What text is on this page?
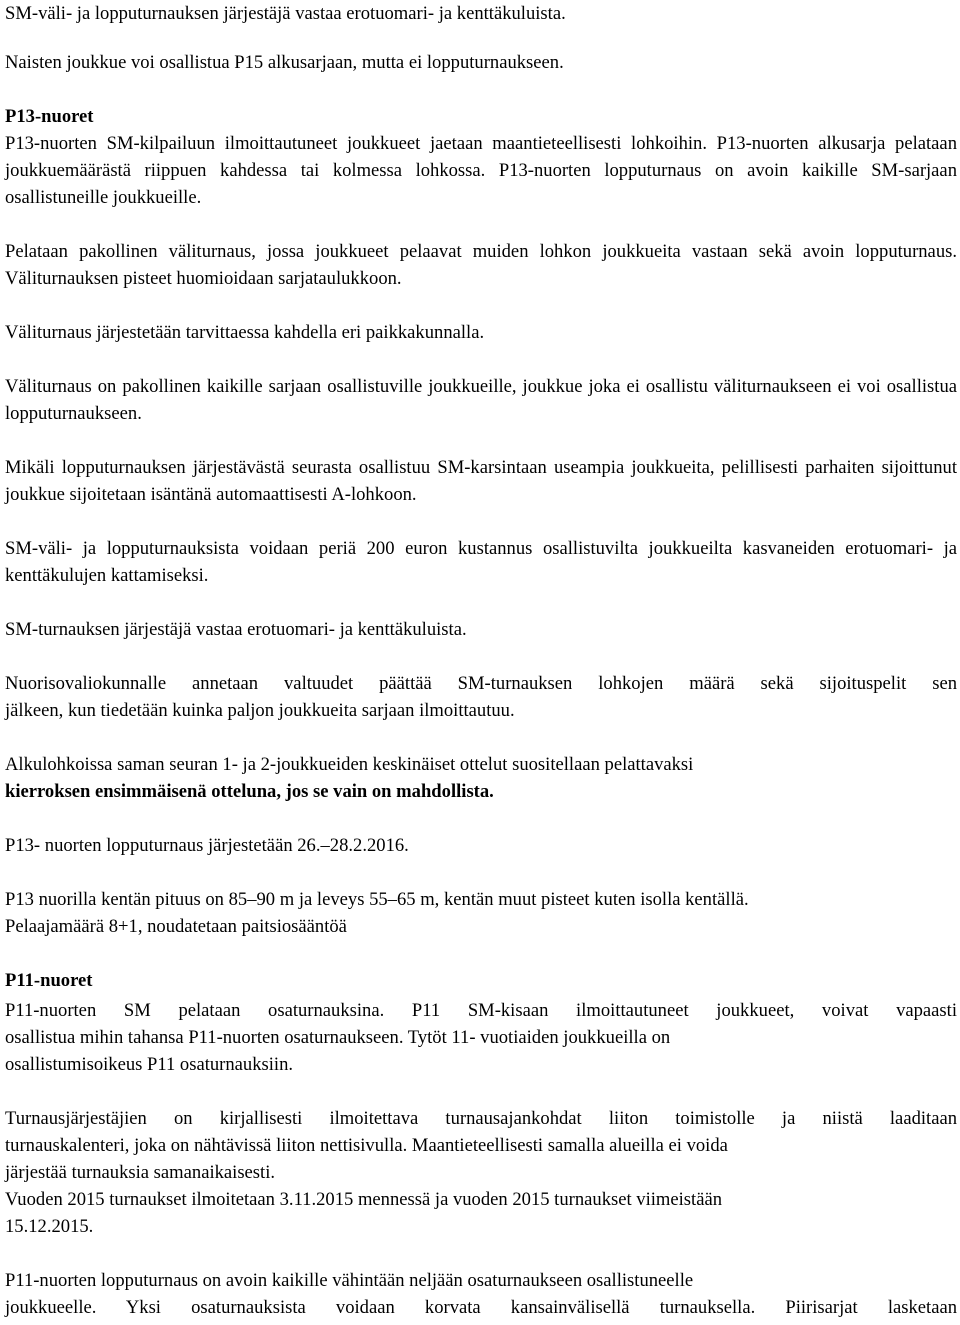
SM-väli- ja lopputurnauksen järjestäjä vastaa erotuomari- ja kenttäkuluista.

Naisten joukkue voi osallistua P15 alkusarjaan, mutta ei lopputurnaukseen.

P13-nuoret

P13-nuorten SM-kilpailuun ilmoittautuneet joukkueet jaetaan maantieteellisesti lohkoihin. P13-nuorten alkusarja pelataan joukkuemäärästä riippuen kahdessa tai kolmessa lohkossa. P13-nuorten lopputurnaus on avoin kaikille SM-sarjaan osallistuneille joukkueille.

Pelataan pakollinen väliturnaus, jossa joukkueet pelaavat muiden lohkon joukkueita vastaan sekä avoin lopputurnaus. Väliturnauksen pisteet huomioidaan sarjataulukkoon.

Väliturnaus järjestetään tarvittaessa kahdella eri paikkakunnalla.

Väliturnaus on pakollinen kaikille sarjaan osallistuville joukkueille, joukkue joka ei osallistu väliturnaukseen ei voi osallistua lopputurnaukseen.

Mikäli lopputurnauksen järjestävästä seurasta osallistuu SM-karsintaan useampia joukkueita, pelillisesti parhaiten sijoittunut joukkue sijoitetaan isäntänä automaattisesti A-lohkoon.

SM-väli- ja lopputurnauksista voidaan periä 200 euron kustannus osallistuvilta joukkueilta kasvaneiden erotuomari- ja kenttäkulujen kattamiseksi.

SM-turnauksen järjestäjä vastaa erotuomari- ja kenttäkuluista.

Nuorisovaliokunnalle annetaan valtuudet päättää SM-turnauksen lohkojen määrä sekä sijoituspelit sen

jälkeen, kun tiedetään kuinka paljon joukkueita sarjaan ilmoittautuu.

Alkulohkoissa saman seuran 1- ja 2-joukkueiden keskinäiset ottelut suositellaan pelattavaksi

kierroksen ensimmäisenä otteluna, jos se vain on mahdollista.

P13- nuorten lopputurnaus järjestetään 26.–28.2.2016.

P13 nuorilla kentän pituus on 85–90 m ja leveys 55–65 m, kentän muut pisteet kuten isolla kentällä.

Pelaajamäärä 8+1, noudatetaan paitsiosääntöä

P11-nuoret

P11-nuorten SM pelataan osaturnauksina. P11 SM-kisaan ilmoittautuneet joukkueet, voivat vapaasti

osallistua mihin tahansa P11-nuorten osaturnaukseen. Tytöt 11- vuotiaiden joukkueilla on

osallistumisoikeus P11 osaturnauksiin.

Turnausjärjestäjien on kirjallisesti ilmoitettava turnausajankohdat liiton toimistolle ja niistä laaditaan

turnauskalenteri, joka on nähtävissä liiton nettisivulla. Maantieteellisesti samalla alueilla ei voida

järjestää turnauksia samanaikaisesti.

Vuoden 2015 turnaukset ilmoitetaan 3.11.2015 mennessä ja vuoden 2015 turnaukset viimeistään

15.12.2015.

P11-nuorten lopputurnaus on avoin kaikille vähintään neljään osaturnaukseen osallistuneelle

joukkueelle. Yksi osaturnauksista voidaan korvata kansainvälisellä turnauksella. Piirisarjat lasketaan
